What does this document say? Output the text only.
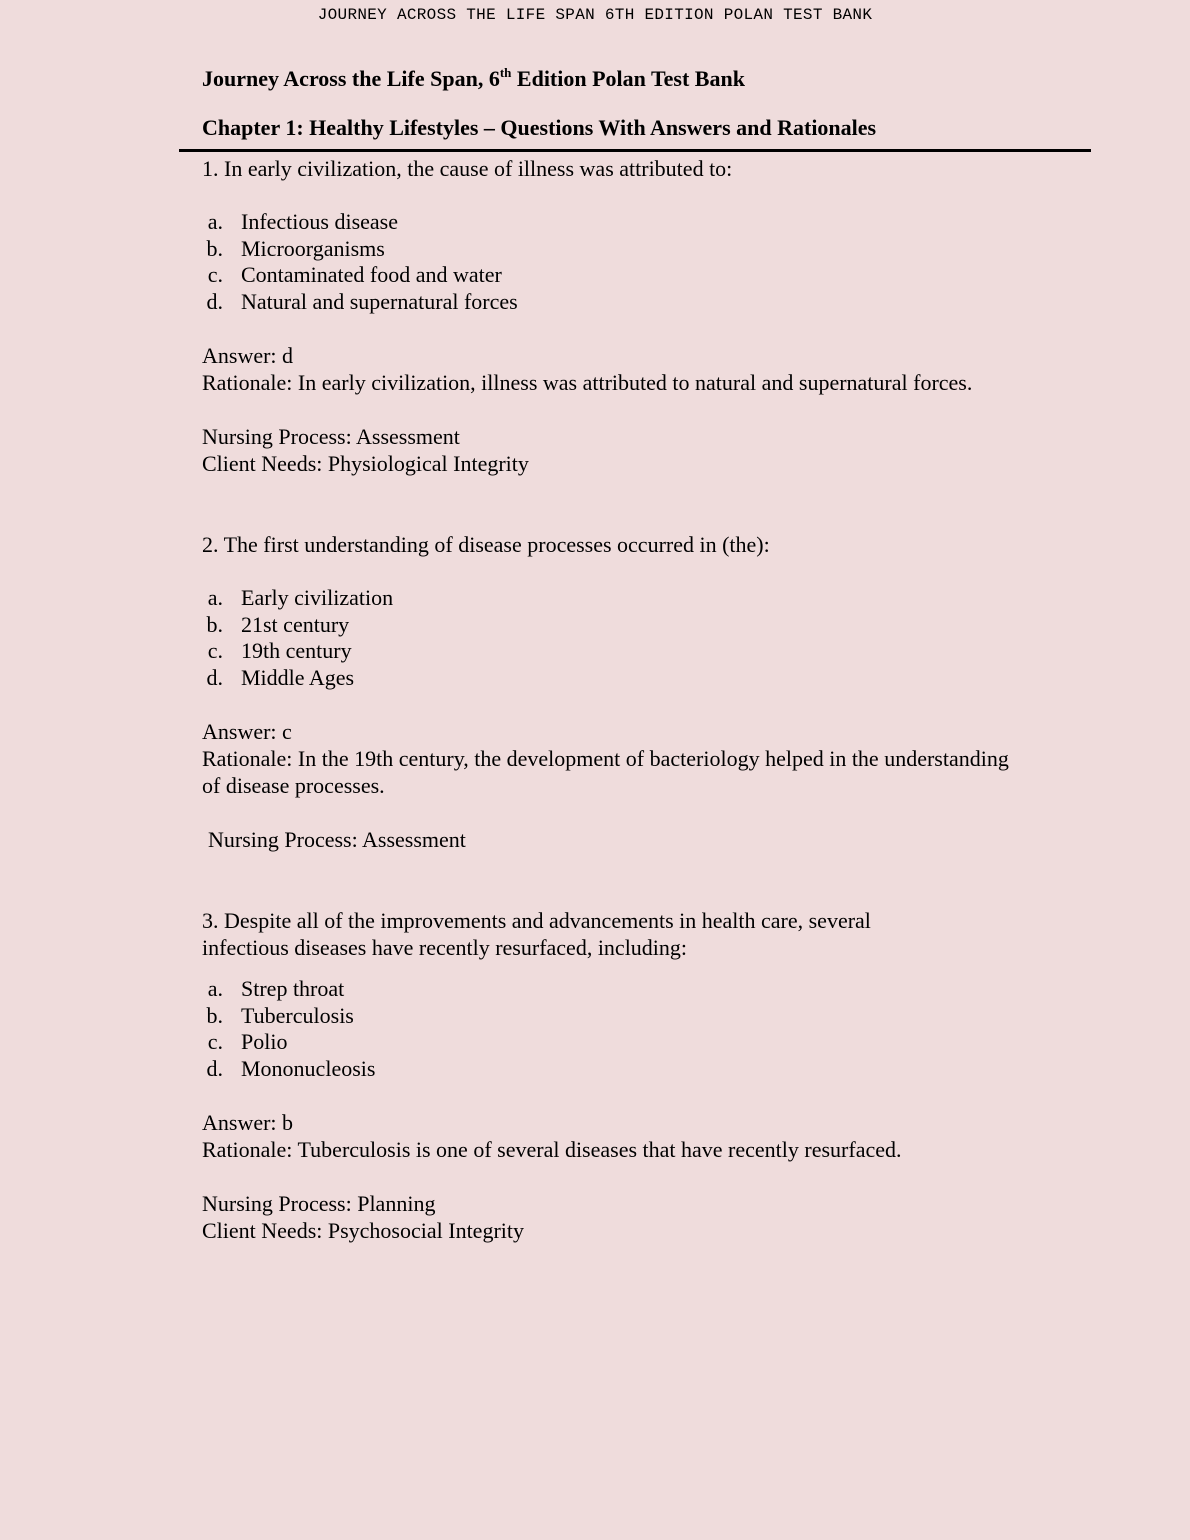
JOURNEY ACROSS THE LIFE SPAN 6TH EDITION POLAN TEST BANK
Journey Across the Life Span, 6th Edition Polan Test Bank
Chapter 1: Healthy Lifestyles – Questions With Answers and Rationales

1. In early civilization, the cause of illness was attributed to:

a. Infectious disease
b. Microorganisms
c. Contaminated food and water
d. Natural and supernatural forces

Answer: d

Rationale: In early civilization, illness was attributed to natural and supernatural forces.

Nursing Process: Assessment

Client Needs: Physiological Integrity

2. The first understanding of disease processes occurred in (the):

a. Early civilization
b. 21st century
c. 19th century
d. Middle Ages

Answer: c

Rationale: In the 19th century, the development of bacteriology helped in the understanding

of disease processes.

Nursing Process: Assessment

3. Despite all of the improvements and advancements in health care, several

infectious diseases have recently resurfaced, including:

a. Strep throat
b. Tuberculosis
c. Polio
d. Mononucleosis

Answer: b

Rationale: Tuberculosis is one of several diseases that have recently resurfaced.

Nursing Process: Planning

Client Needs: Psychosocial Integrity
